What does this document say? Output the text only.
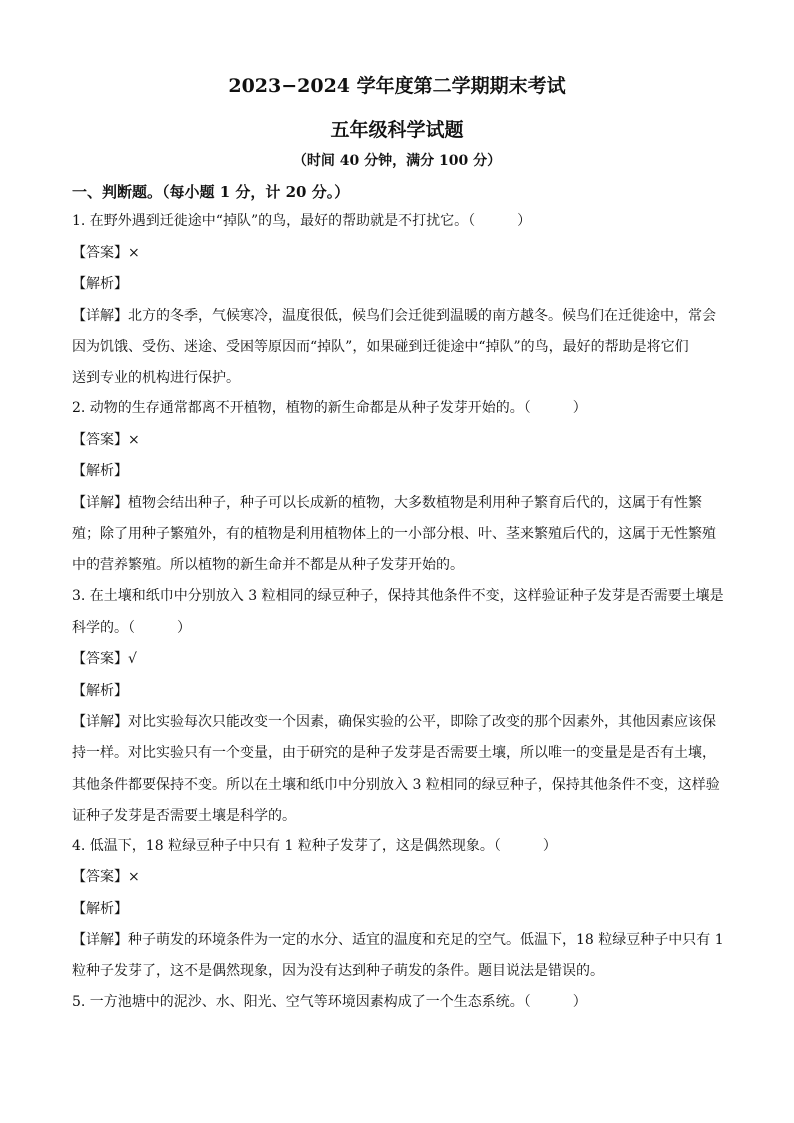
2023−2024 学年度第二学期期末考试
五年级科学试题
（时间 40 分钟，满分 100 分）
一、判断题。（每小题 1 分，计 20 分。）
1. 在野外遇到迁徙途中“掉队”的鸟，最好的帮助就是不打扰它。（　　　）
【答案】×
【解析】
【详解】北方的冬季，气候寒冷，温度很低，候鸟们会迁徙到温暖的南方越冬。候鸟们在迁徙途中，常会
因为饥饿、受伤、迷途、受困等原因而“掉队”，如果碰到迁徙途中“掉队”的鸟，最好的帮助是将它们
送到专业的机构进行保护。
2. 动物的生存通常都离不开植物，植物的新生命都是从种子发芽开始的。（　　　）
【答案】×
【解析】
【详解】植物会结出种子，种子可以长成新的植物，大多数植物是利用种子繁育后代的，这属于有性繁
殖；除了用种子繁殖外，有的植物是利用植物体上的一小部分根、叶、茎来繁殖后代的，这属于无性繁殖
中的营养繁殖。所以植物的新生命并不都是从种子发芽开始的。
3. 在土壤和纸巾中分别放入 3 粒相同的绿豆种子，保持其他条件不变，这样验证种子发芽是否需要土壤是
科学的。（　　　）
【答案】√
【解析】
【详解】对比实验每次只能改变一个因素，确保实验的公平，即除了改变的那个因素外，其他因素应该保
持一样。对比实验只有一个变量，由于研究的是种子发芽是否需要土壤，所以唯一的变量是是否有土壤，
其他条件都要保持不变。所以在土壤和纸巾中分别放入 3 粒相同的绿豆种子，保持其他条件不变，这样验
证种子发芽是否需要土壤是科学的。
4. 低温下，18 粒绿豆种子中只有 1 粒种子发芽了，这是偶然现象。（　　　）
【答案】×
【解析】
【详解】种子萌发的环境条件为一定的水分、适宜的温度和充足的空气。低温下，18 粒绿豆种子中只有 1
粒种子发芽了，这不是偶然现象，因为没有达到种子萌发的条件。题目说法是错误的。
5. 一方池塘中的泥沙、水、阳光、空气等环境因素构成了一个生态系统。（　　　）
